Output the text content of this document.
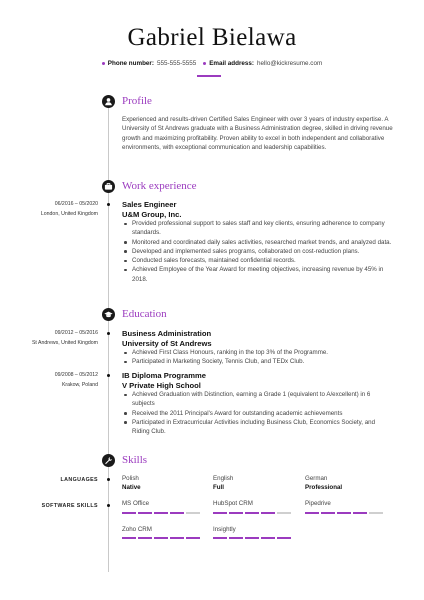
Gabriel Bielawa
Phone number: 555-555-5555 Email address: hello@kickresume.com
Profile
Experienced and results-driven Certified Sales Engineer with over 3 years of industry expertise. A University of St Andrews graduate with a Business Administration degree, skilled in driving revenue growth and maximizing profitability. Proven ability to excel in both independent and collaborative environments, with exceptional communication and leadership capabilities.
Work experience
06/2016 – 05/2020
London, United Kingdom
Sales Engineer
U&M Group, Inc.
Provided professional support to sales staff and key clients, ensuring adherence to company standards.
Monitored and coordinated daily sales activities, researched market trends, and analyzed data.
Developed and implemented sales programs, collaborated on cost-reduction plans.
Conducted sales forecasts, maintained confidential records.
Achieved Employee of the Year Award for meeting objectives, increasing revenue by 45% in 2018.
Education
09/2012 – 05/2016
St Andrews, United Kingdom
Business Administration
University of St Andrews
Achieved First Class Honours, ranking in the top 3% of the Programme.
Participated in Marketing Society, Tennis Club, and TEDx Club.
09/2008 – 05/2012
Krakow, Poland
IB Diploma Programme
V Private High School
Achieved Graduation with Distinction, earning a Grade 1 (equivalent to A/excellent) in 6 subjects
Received the 2011 Principal's Award for outstanding academic achievements
Participated in Extracurricular Activities including Business Club, Economics Society, and Riding Club.
Skills
LANGUAGES	Polish
Native
English
Full
German
Professional
SOFTWARE SKILLS	MS Office	HubSpot CRM	Pipedrive
Zoho CRM	Insightly
